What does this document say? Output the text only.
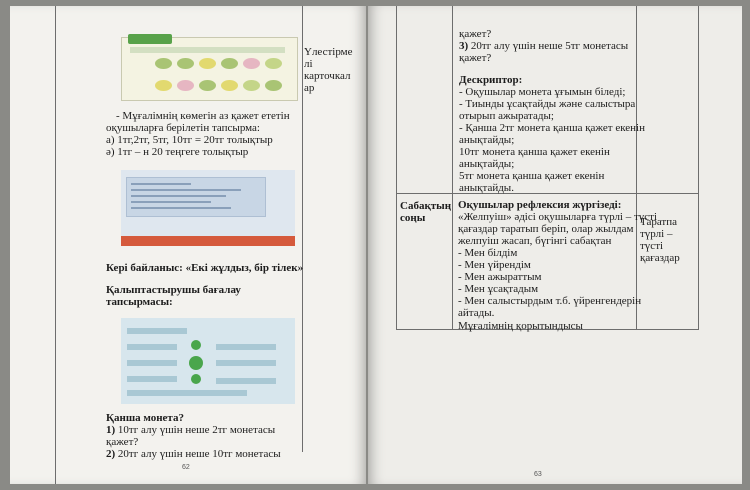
Үлестірме
лі
карточкал
ар
- Мұғалімнің көмегін аз қажет ететін
оқушыларға берілетін тапсырма:
а) 1тг,2тг, 5тг, 10тг = 20тг толықтыр
ә) 1тг – н 20 теңгеге толықтыр
Кері байланыс: «Екі жұлдыз, бір тілек»
Қалыптастырушы бағалау
тапсырмасы:
Қанша монета?
1) 10тг алу үшін неше 2тг монетасы
қажет?
2) 20тг алу үшін неше 10тг монетасы
62
қажет?
3) 20тг алу үшін неше 5тг монетасы
қажет?
Дескриптор:
- Оқушылар монета ұғымын біледі;
- Тиынды ұсақтайды және салыстыра
отырып ажыратады;
- Қанша 2тг монета қанша қажет екенін
анықтайды;
10тг монета қанша қажет екенін
анықтайды;
5тг монета қанша қажет екенін
анықтайды.
Сабақтың
соңы
Оқушылар рефлексия жүргізеді:
«Желпуіш» әдісі оқушыларға түрлі – түсті
қағаздар таратып беріп, олар жылдам
желпуіш жасап, бүгінгі сабақтан
- Мен білдім
- Мен үйрендім
- Мен ажыраттым
- Мен ұсақтадым
- Мен салыстырдым т.б. үйренгендерін
айтады.
Мұғалімнің қорытындысы
Таратпа
түрлі –
түсті
қағаздар
63
